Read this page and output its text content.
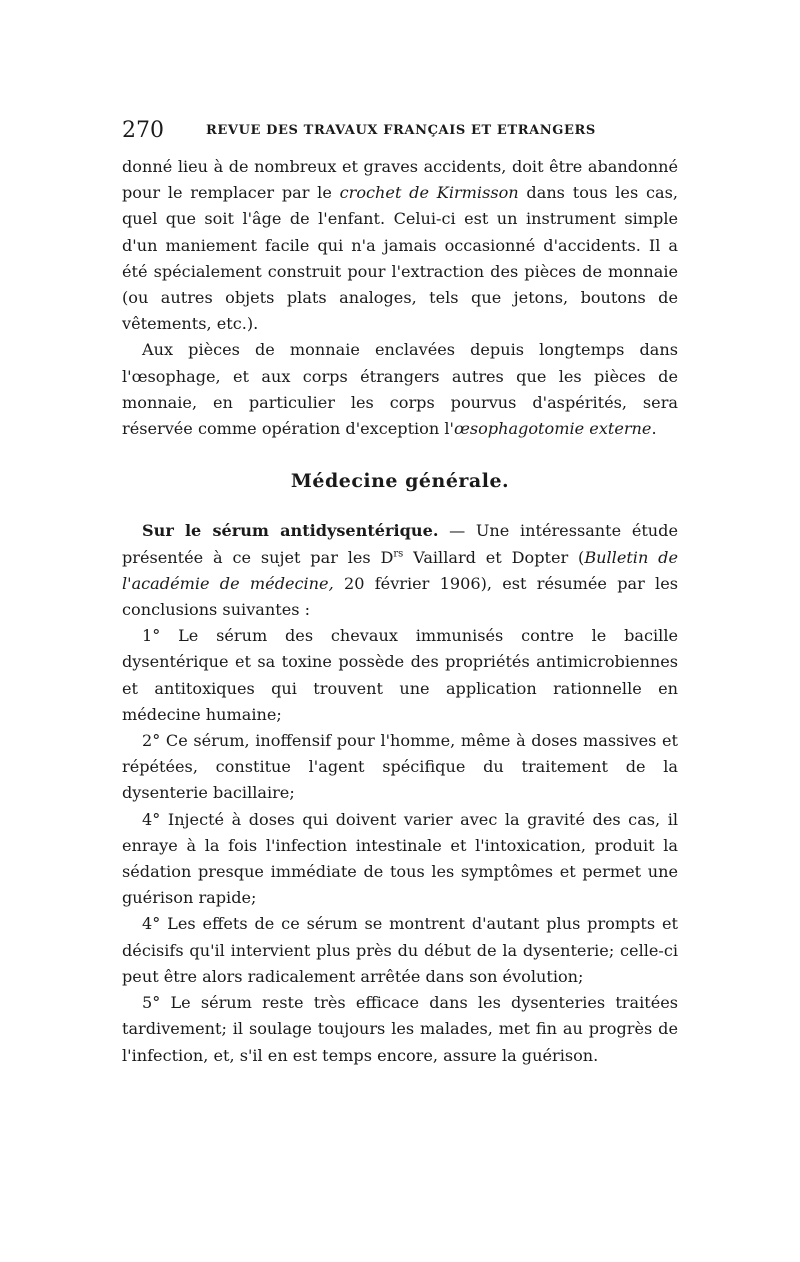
270	REVUE DES TRAVAUX FRANÇAIS ET ETRANGERS

donné lieu à de nombreux et graves accidents, doit être abandonné pour le remplacer par le crochet de Kirmisson dans tous les cas, quel que soit l'âge de l'enfant. Celui-ci est un instrument simple d'un maniement facile qui n'a jamais occasionné d'accidents. Il a été spécialement construit pour l'extraction des pièces de monnaie (ou autres objets plats analoges, tels que jetons, boutons de vêtements, etc.).

Aux pièces de monnaie enclavées depuis longtemps dans l'œsophage, et aux corps étrangers autres que les pièces de monnaie, en particulier les corps pourvus d'aspérités, sera réservée comme opération d'exception l'œsophagotomie externe.

Médecine générale.

Sur le sérum antidysentérique. — Une intéressante étude présentée à ce sujet par les $D^{rs}$ Vaillard et Dopter (Bulletin de l'académie de médecine, 20 février 1906), est résumée par les conclusions suivantes :

1° Le sérum des chevaux immunisés contre le bacille dysentérique et sa toxine possède des propriétés antimicrobiennes et antitoxiques qui trouvent une application rationnelle en médecine humaine;

2° Ce sérum, inoffensif pour l'homme, même à doses massives et répétées, constitue l'agent spécifique du traitement de la dysenterie bacillaire;

4° Injecté à doses qui doivent varier avec la gravité des cas, il enraye à la fois l'infection intestinale et l'intoxication, produit la sédation presque immédiate de tous les symptômes et permet une guérison rapide;

4° Les effets de ce sérum se montrent d'autant plus prompts et décisifs qu'il intervient plus près du début de la dysenterie; celle-ci peut être alors radicalement arrêtée dans son évolution;

5° Le sérum reste très efficace dans les dysenteries traitées tardivement; il soulage toujours les malades, met fin au progrès de l'infection, et, s'il en est temps encore, assure la guérison.
